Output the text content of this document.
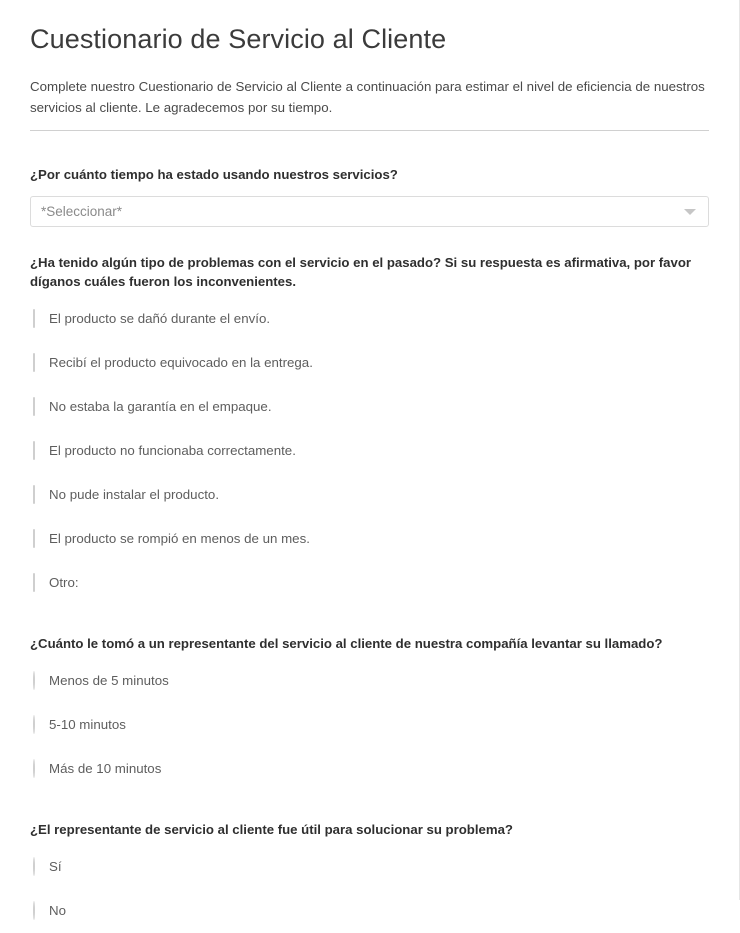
Cuestionario de Servicio al Cliente

Complete nuestro Cuestionario de Servicio al Cliente a continuación para estimar el nivel de eficiencia de nuestros servicios al cliente. Le agradecemos por su tiempo.

¿Por cuánto tiempo ha estado usando nuestros servicios?

*Seleccionar*

¿Ha tenido algún tipo de problemas con el servicio en el pasado? Si su respuesta es afirmativa, por favor díganos cuáles fueron los inconvenientes.

El producto se dañó durante el envío.
Recibí el producto equivocado en la entrega.
No estaba la garantía en el empaque.
El producto no funcionaba correctamente.
No pude instalar el producto.
El producto se rompió en menos de un mes.
Otro:

¿Cuánto le tomó a un representante del servicio al cliente de nuestra compañía levantar su llamado?

Menos de 5 minutos
5-10 minutos
Más de 10 minutos

¿El representante de servicio al cliente fue útil para solucionar su problema?

Sí
No
